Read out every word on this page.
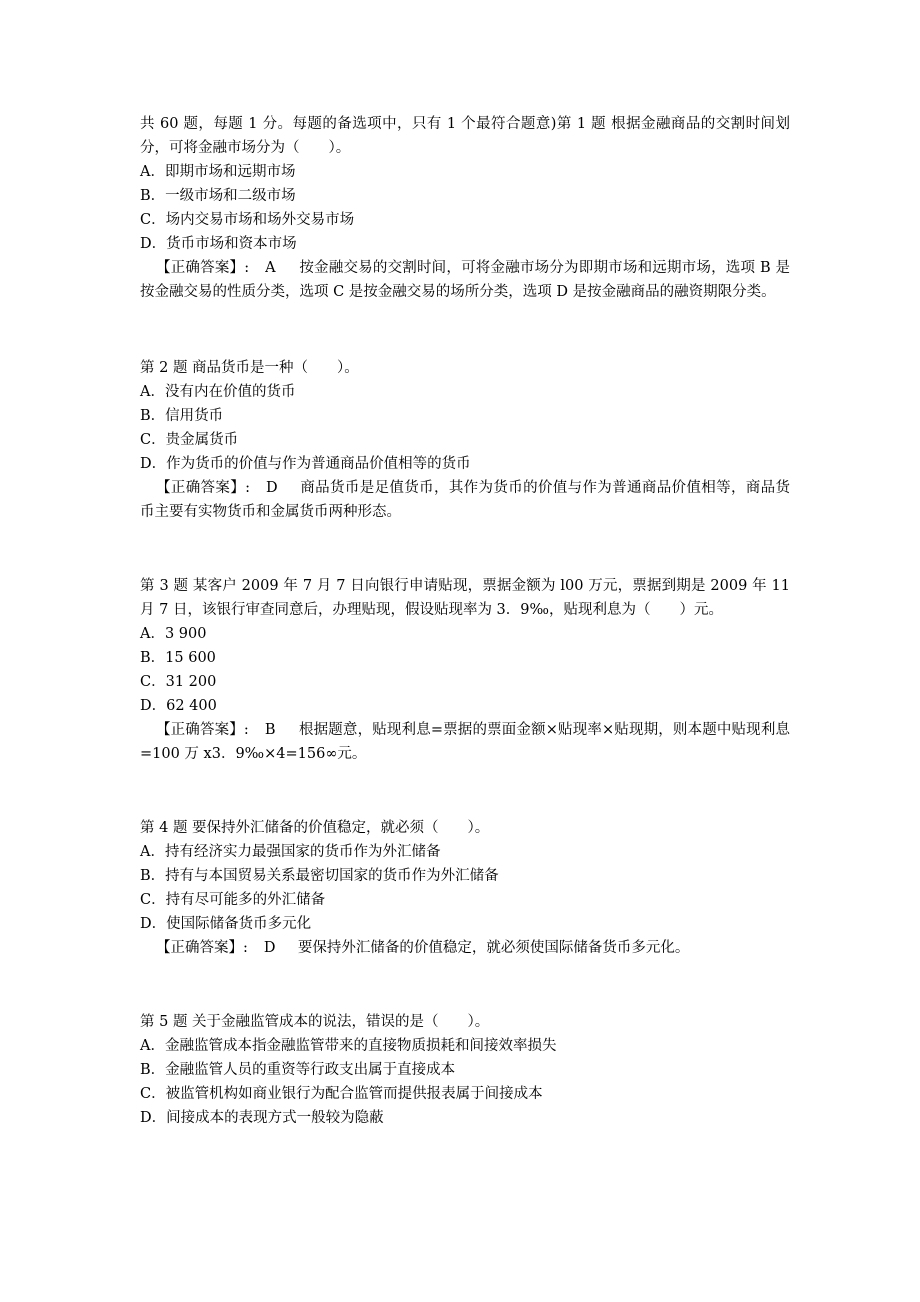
共 60 题，每题 1 分。每题的备选项中，只有 1 个最符合题意)第 1 题 根据金融商品的交割时间划分，可将金融市场分为（　　）。

A．即期市场和远期市场
B．一级市场和二级市场
C．场内交易市场和场外交易市场
D．货币市场和资本市场

【正确答案】: A 按金融交易的交割时间，可将金融市场分为即期市场和远期市场，选项 B 是按金融交易的性质分类，选项 C 是按金融交易的场所分类，选项 D 是按金融商品的融资期限分类。

第 2 题 商品货币是一种（　　）。

A．没有内在价值的货币
B．信用货币
C．贵金属货币
D．作为货币的价值与作为普通商品价值相等的货币

【正确答案】: D 商品货币是足值货币，其作为货币的价值与作为普通商品价值相等，商品货币主要有实物货币和金属货币两种形态。

第 3 题 某客户 2009 年 7 月 7 日向银行申请贴现，票据金额为 l00 万元，票据到期是 2009 年 11 月 7 日，该银行审查同意后，办理贴现，假设贴现率为 3．9‰，贴现利息为（　　）元。

A．3 900
B．15 600
C．31 200
D．62 400

【正确答案】: B 根据题意，贴现利息=票据的票面金额×贴现率×贴现期，则本题中贴现利息=100 万 x3．9‰×4=156∞元。

第 4 题 要保持外汇储备的价值稳定，就必须（　　）。

A．持有经济实力最强国家的货币作为外汇储备
B．持有与本国贸易关系最密切国家的货币作为外汇储备
C．持有尽可能多的外汇储备
D．使国际储备货币多元化

【正确答案】: D 要保持外汇储备的价值稳定，就必须使国际储备货币多元化。

第 5 题 关于金融监管成本的说法，错误的是（　　）。

A．金融监管成本指金融监管带来的直接物质损耗和间接效率损失
B．金融监管人员的重资等行政支出属于直接成本
C．被监管机构如商业银行为配合监管而提供报表属于间接成本
D．间接成本的表现方式一般较为隐蔽
